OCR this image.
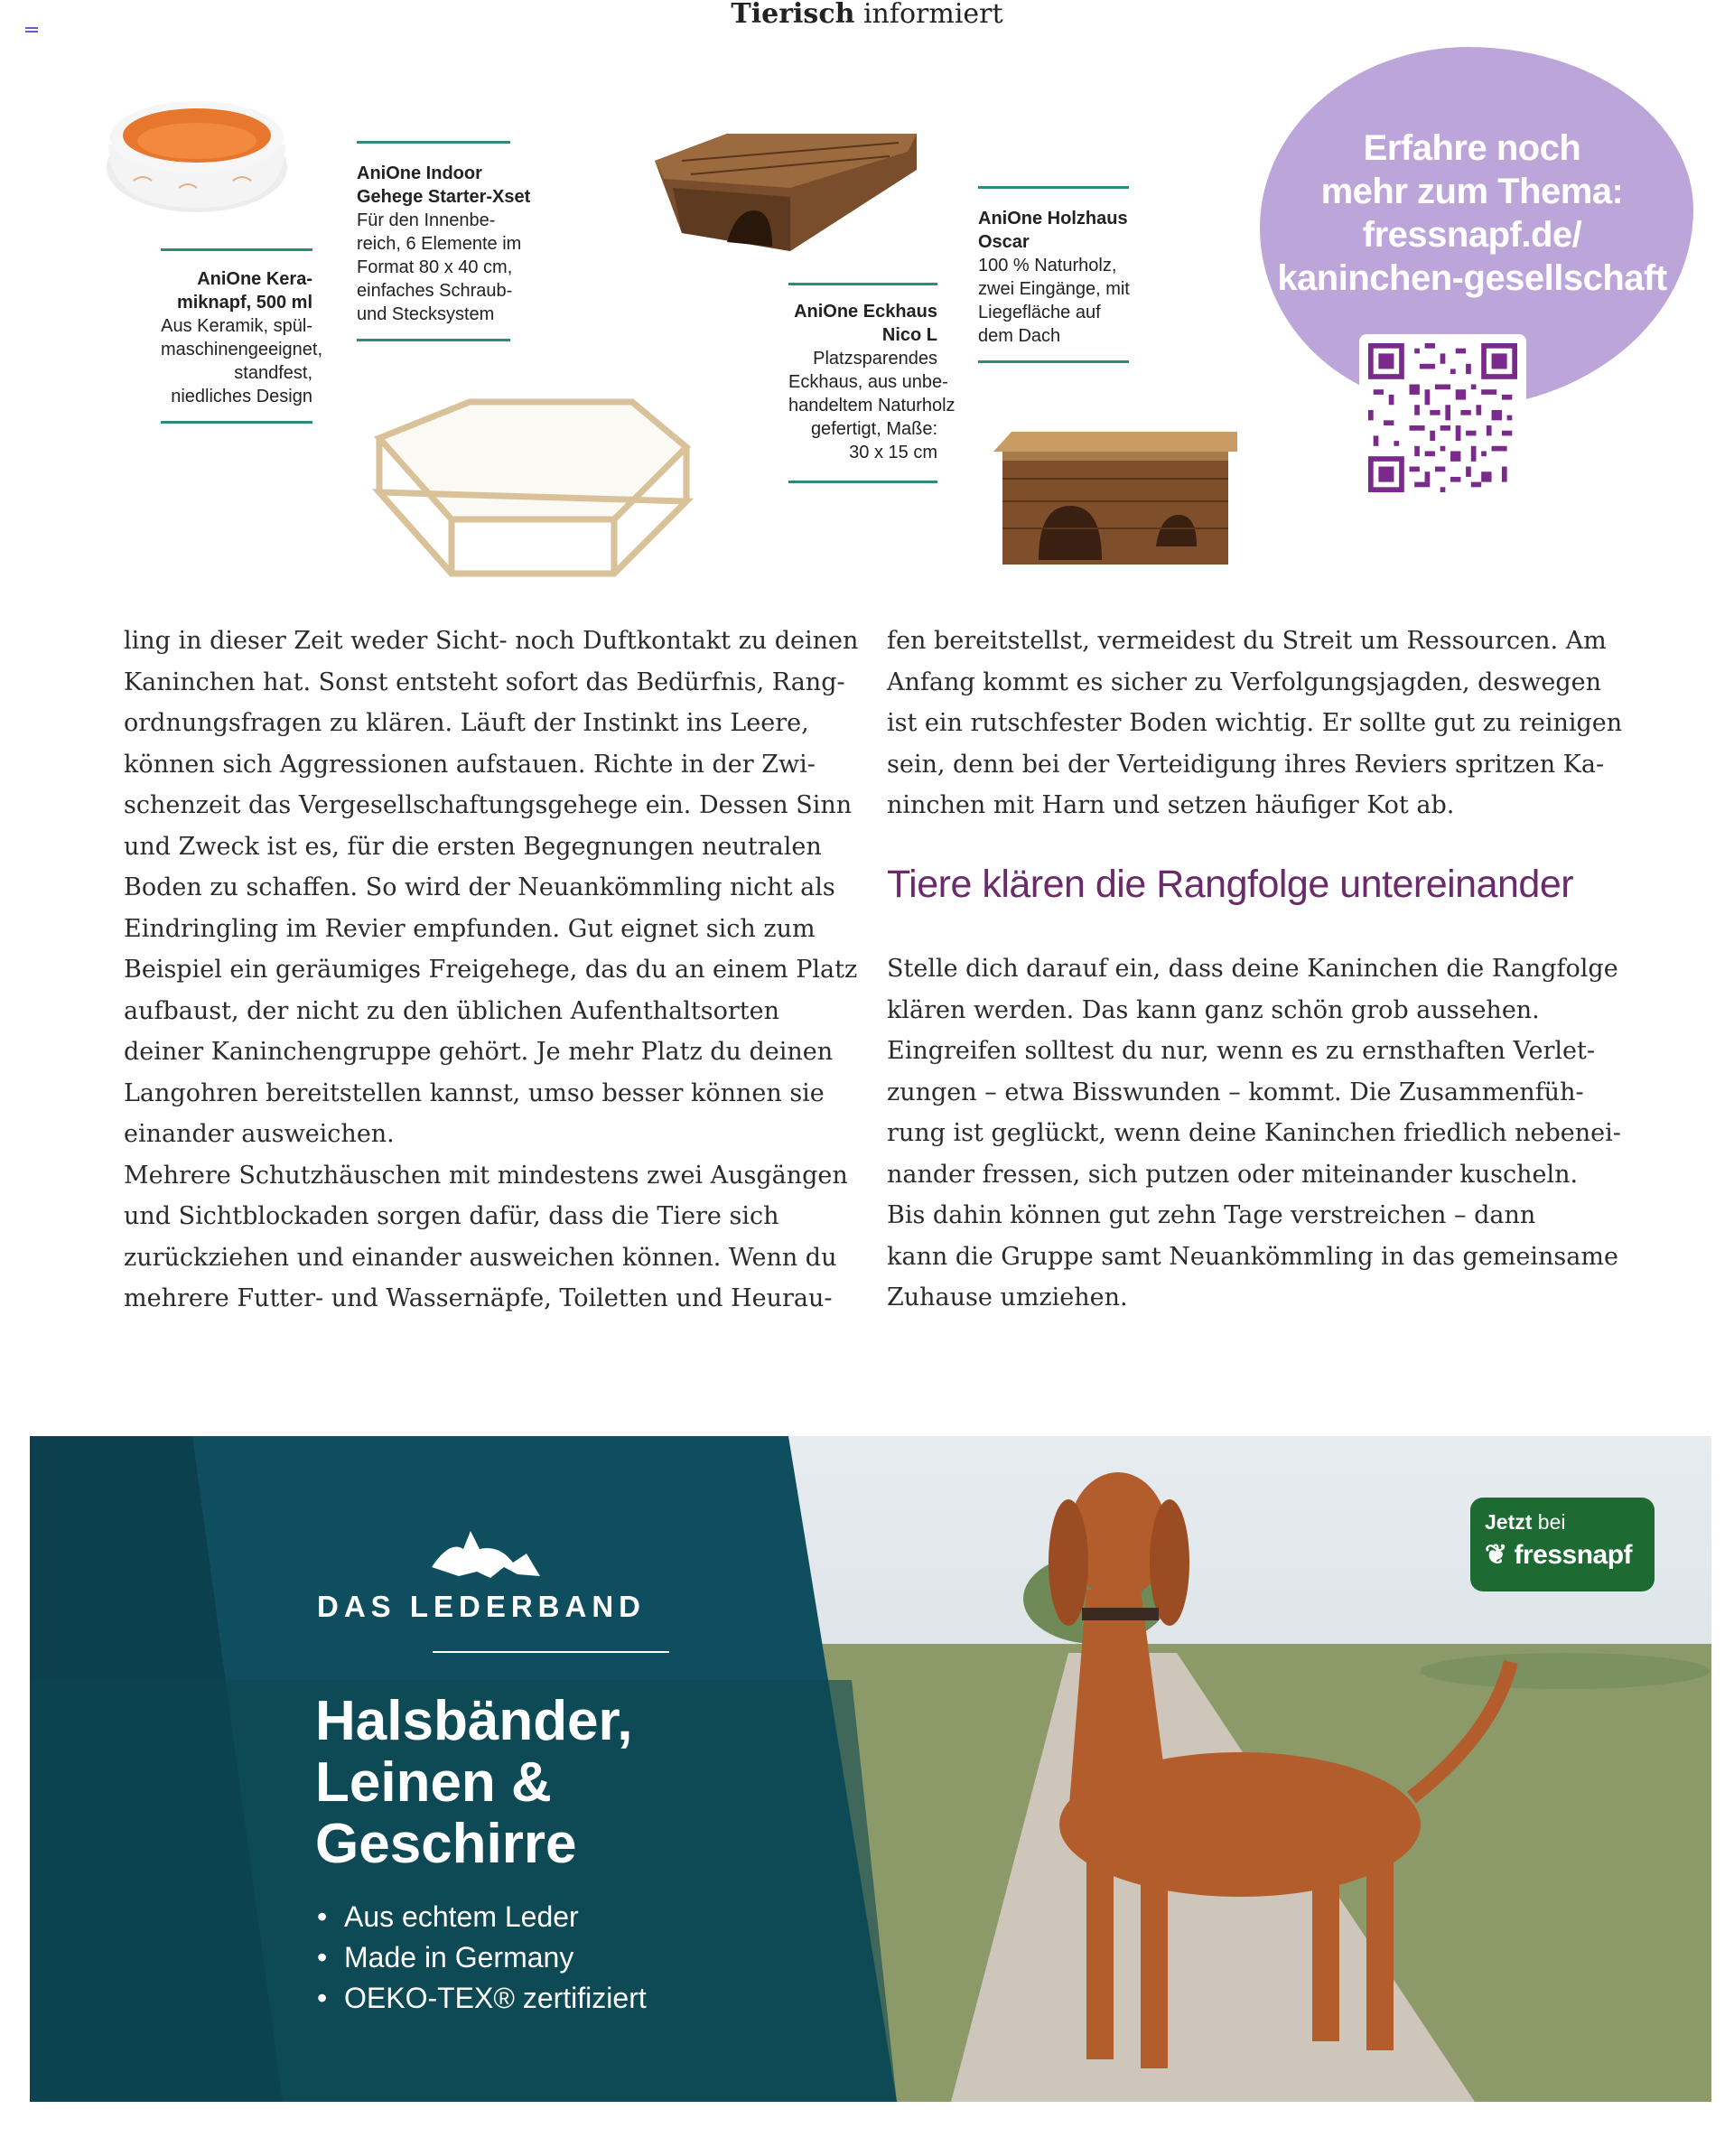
Tierisch informiert
AniOne Kera-
miknapf, 500 ml
Aus Keramik, spül-
maschinengeeignet,
standfest,
niedliches Design
AniOne Indoor
Gehege Starter-Xset
Für den Innenbe-
reich, 6 Elemente im
Format 80 x 40 cm,
einfaches Schraub-
und Stecksystem	AniOne Eckhaus
Nico L
Platzsparendes
Eckhaus, aus unbe-
handeltem Naturholz
gefertigt, Maße:
30 x 15 cm
AniOne Holzhaus
Oscar
100 % Naturholz,
zwei Eingänge, mit
Liegefläche auf
dem Dach
Erfahre noch
mehr zum Thema:
fressnapf.de/
kaninchen-gesellschaft

ling in dieser Zeit weder Sicht- noch Duftkontakt zu deinen

Kaninchen hat. Sonst entsteht sofort das Bedürfnis, Rang-

ordnungsfragen zu klären. Läuft der Instinkt ins Leere,

können sich Aggressionen aufstauen. Richte in der Zwi-

schenzeit das Vergesellschaftungsgehege ein. Dessen Sinn

und Zweck ist es, für die ersten Begegnungen neutralen

Boden zu schaffen. So wird der Neuankömmling nicht als

Eindringling im Revier empfunden. Gut eignet sich zum

Beispiel ein geräumiges Freigehege, das du an einem Platz

aufbaust, der nicht zu den üblichen Aufenthaltsorten

deiner Kaninchengruppe gehört. Je mehr Platz du deinen

Langohren bereitstellen kannst, umso besser können sie

einander ausweichen.

Mehrere Schutzhäuschen mit mindestens zwei Ausgängen

und Sichtblockaden sorgen dafür, dass die Tiere sich

zurückziehen und einander ausweichen können. Wenn du

mehrere Futter- und Wassernäpfe, Toiletten und Heurau-

fen bereitstellst, vermeidest du Streit um Ressourcen. Am

Anfang kommt es sicher zu Verfolgungsjagden, deswegen

ist ein rutschfester Boden wichtig. Er sollte gut zu reinigen

sein, denn bei der Verteidigung ihres Reviers spritzen Ka-

ninchen mit Harn und setzen häufiger Kot ab.

Tiere klären die Rangfolge untereinander

Stelle dich darauf ein, dass deine Kaninchen die Rangfolge

klären werden. Das kann ganz schön grob aussehen.

Eingreifen solltest du nur, wenn es zu ernsthaften Verlet-

zungen – etwa Bisswunden – kommt. Die Zusammenfüh-

rung ist geglückt, wenn deine Kaninchen friedlich nebenei-

nander fressen, sich putzen oder miteinander kuscheln.

Bis dahin können gut zehn Tage verstreichen – dann

kann die Gruppe samt Neuankömmling in das gemeinsame

Zuhause umziehen.

DAS LEDERBAND
Halsbänder,
Leinen &
Geschirre
• Aus echtem Leder
• Made in Germany
• OEKO-TEX® zertifiziert
Jetzt bei
❦ fressnapf
